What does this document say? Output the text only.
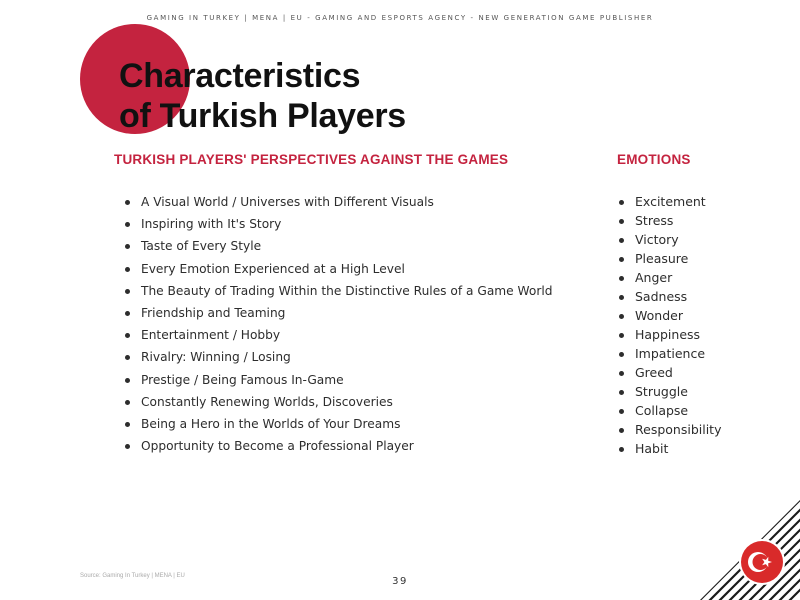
GAMING IN TURKEY | MENA | EU - GAMING AND ESPORTS AGENCY - NEW GENERATION GAME PUBLISHER
Characteristics
of Turkish Players
TURKISH PLAYERS' PERSPECTIVES AGAINST THE GAMES	EMOTIONS
A Visual World / Universes with Different Visuals
Inspiring with It's Story
Taste of Every Style
Every Emotion Experienced at a High Level
The Beauty of Trading Within the Distinctive Rules of a Game World
Friendship and Teaming
Entertainment / Hobby
Rivalry: Winning / Losing
Prestige / Being Famous In-Game
Constantly Renewing Worlds, Discoveries
Being a Hero in the Worlds of Your Dreams
Opportunity to Become a Professional Player
Excitement
Stress
Victory
Pleasure
Anger
Sadness
Wonder
Happiness
Impatience
Greed
Struggle
Collapse
Responsibility
Habit
Source: Gaming In Turkey | MENA | EU	39
